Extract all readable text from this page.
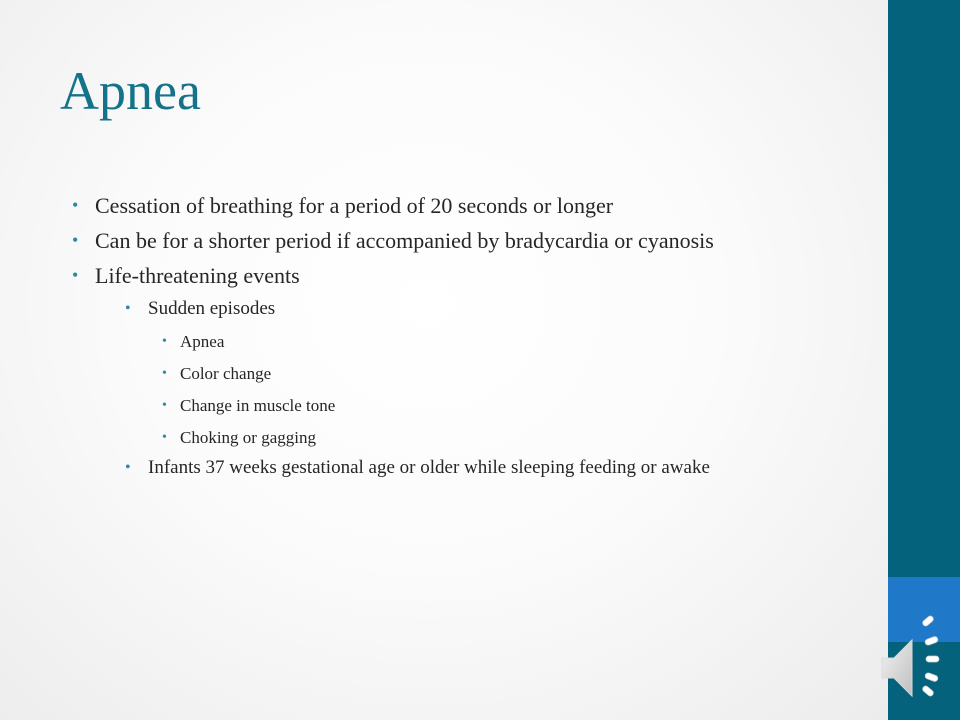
Apnea
• Cessation of breathing for a period of 20 seconds or longer
• Can be for a shorter period if accompanied by bradycardia or cyanosis
• Life-threatening events
• Sudden episodes
• Apnea
• Color change
• Change in muscle tone
• Choking or gagging
• Infants 37 weeks gestational age or older while sleeping feeding or awake
